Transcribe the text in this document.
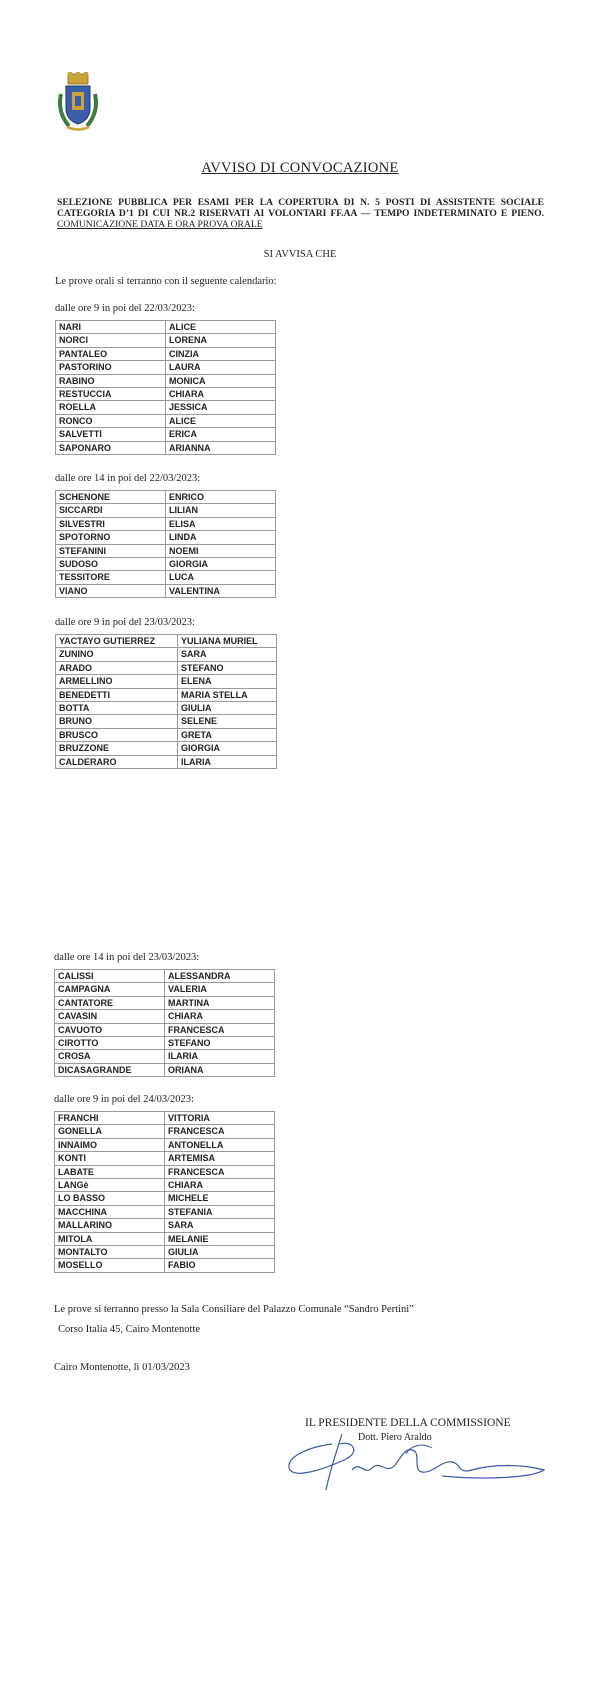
AVVISO DI CONVOCAZIONE
SELEZIONE PUBBLICA PER ESAMI PER LA COPERTURA DI N. 5 POSTI DI ASSISTENTE SOCIALE CATEGORIA D’1 DI CUI NR.2 RISERVATI AI VOLONTARI FF.AA — TEMPO INDETERMINATO E PIENO. COMUNICAZIONE DATA E ORA PROVA ORALE
SI AVVISA CHE
Le prove orali si terranno con il seguente calendario:
dalle ore 9 in poi del 22/03/2023:
NARI	ALICE
NORCI	LORENA
PANTALEO	CINZIA
PASTORINO	LAURA
RABINO	MONICA
RESTUCCIA	CHIARA
ROELLA	JESSICA
RONCO	ALICE
SALVETTI	ERICA
SAPONARO	ARIANNA
dalle ore 14 in poi del 22/03/2023:
SCHENONE	ENRICO
SICCARDI	LILIAN
SILVESTRI	ELISA
SPOTORNO	LINDA
STEFANINI	NOEMI
SUDOSO	GIORGIA
TESSITORE	LUCA
VIANO	VALENTINA
dalle ore 9 in poi del 23/03/2023:
YACTAYO GUTIERREZ	YULIANA MURIEL
ZUNINO	SARA
ARADO	STEFANO
ARMELLINO	ELENA
BENEDETTI	MARIA STELLA
BOTTA	GIULIA
BRUNO	SELENE
BRUSCO	GRETA
BRUZZONE	GIORGIA
CALDERARO	ILARIA
dalle ore 14 in poi del 23/03/2023:
CALISSI	ALESSANDRA
CAMPAGNA	VALERIA
CANTATORE	MARTINA
CAVASIN	CHIARA
CAVUOTO	FRANCESCA
CIROTTO	STEFANO
CROSA	ILARIA
DICASAGRANDE	ORIANA
dalle ore 9 in poi del 24/03/2023:
FRANCHI	VITTORIA
GONELLA	FRANCESCA
INNAIMO	ANTONELLA
KONTI	ARTEMISA
LABATE	FRANCESCA
LANGè	CHIARA
LO BASSO	MICHELE
MACCHINA	STEFANIA
MALLARINO	SARA
MITOLA	MELANIE
MONTALTO	GIULIA
MOSELLO	FABIO
Le prove si terranno presso la Sala Consiliare del Palazzo Comunale “Sandro Pertini”
Corso Italia 45, Cairo Montenotte
Cairo Montenotte, li 01/03/2023
IL PRESIDENTE DELLA COMMISSIONE
Dott. Piero Araldo
